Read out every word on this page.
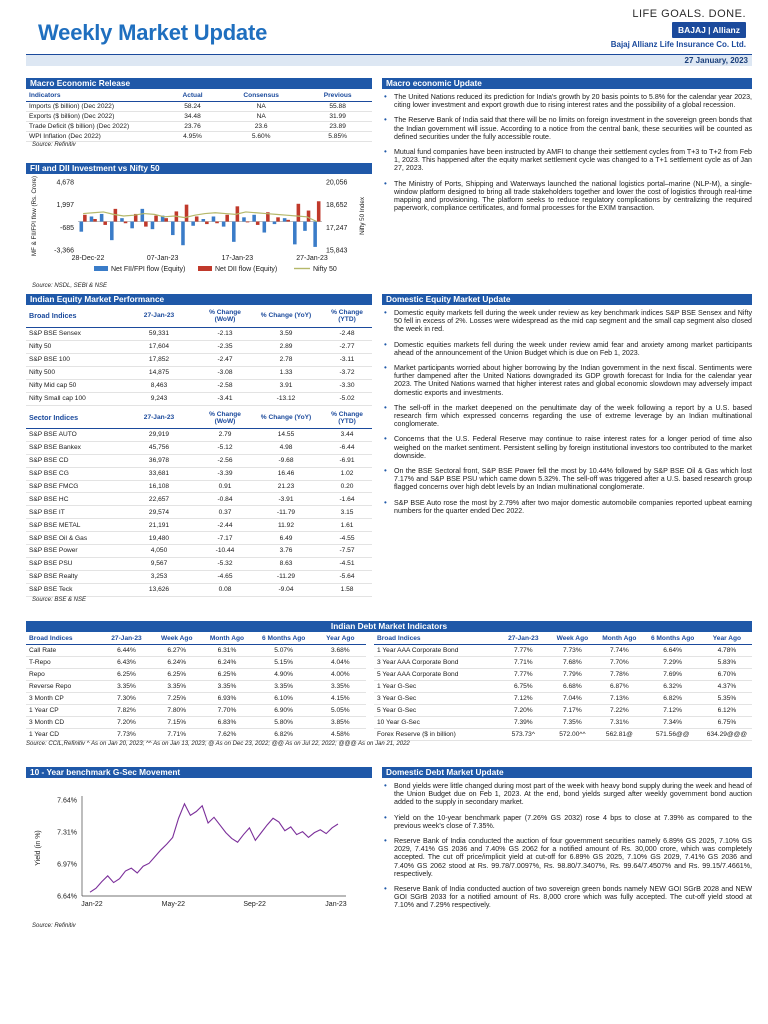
Weekly Market Update
LIFE GOALS. DONE.
BAJAJ | Allianz
Bajaj Allianz Life Insurance Co. Ltd.
27 January, 2023
Macro Economic Release
Indicators	Actual	Consensus	Previous
Imports ($ billion) (Dec 2022)	58.24	NA	55.88
Exports ($ billion) (Dec 2022)	34.48	NA	31.99
Trade Deficit ($ billion) (Dec 2022)	23.76	23.6	23.89
WPI Inflation (Dec 2022)	4.95%	5.60%	5.85%
Source: Refinitiv
FII and DII Investment vs Nifty 50
4,678
1,997
-685
-3,366
20,056
18,652
17,247
15,843
28-Dec-22	07-Jan-23	17-Jan-23	27-Jan-23
MF & FII/FPI flow (Rs. Crore)	Nifty 50 Index
Net FII/FPI flow (Equity)	Net DII flow (Equity)	Nifty 50
Source: NSDL, SEBI & NSE
Macro economic Update
• The United Nations reduced its prediction for India's growth by 20 basis points to 5.8% for the calendar year 2023, citing lower investment and export growth due to rising interest rates and the possibility of a global recession.
• The Reserve Bank of India said that there will be no limits on foreign investment in the sovereign green bonds that the Indian government will issue. According to a notice from the central bank, these securities will be counted as defined securities under the fully accessible route.
• Mutual fund companies have been instructed by AMFI to change their settlement cycles from T+3 to T+2 from Feb 1, 2023. This happened after the equity market settlement cycle was changed to a T+1 settlement cycle as of Jan 27, 2023.
• The Ministry of Ports, Shipping and Waterways launched the national logistics portal–marine (NLP-M), a single-window platform designed to bring all trade stakeholders together and lower the cost of logistics through real-time mapping and provisioning. The platform seeks to reduce regulatory complications by centralizing the required paperwork, compliance certificates, and formal processes for the EXIM transaction.
Indian Equity Market Performance
Broad Indices	27-Jan-23	% Change (WoW)	% Change (YoY)	% Change (YTD)
S&P BSE Sensex	59,331	-2.13	3.59	-2.48
Nifty 50	17,604	-2.35	2.89	-2.77
S&P BSE 100	17,852	-2.47	2.78	-3.11
Nifty 500	14,875	-3.08	1.33	-3.72
Nifty Mid cap 50	8,463	-2.58	3.91	-3.30
Nifty Small cap 100	9,243	-3.41	-13.12	-5.02
Sector Indices	27-Jan-23	% Change (WoW)	% Change (YoY)	% Change (YTD)
S&P BSE AUTO	29,919	2.79	14.55	3.44
S&P BSE Bankex	45,756	-5.12	4.98	-6.44
S&P BSE CD	36,978	-2.56	-9.68	-6.91
S&P BSE CG	33,681	-3.39	16.46	1.02
S&P BSE FMCG	16,108	0.91	21.23	0.20
S&P BSE HC	22,657	-0.84	-3.91	-1.64
S&P BSE IT	29,574	0.37	-11.79	3.15
S&P BSE METAL	21,191	-2.44	11.92	1.61
S&P BSE Oil & Gas	19,480	-7.17	6.49	-4.55
S&P BSE Power	4,050	-10.44	3.76	-7.57
S&P BSE PSU	9,567	-5.32	8.63	-4.51
S&P BSE Realty	3,253	-4.65	-11.29	-5.64
S&P BSE Teck	13,626	0.08	-9.04	1.58
Source: BSE & NSE
Domestic Equity Market Update
• Domestic equity markets fell during the week under review as key benchmark indices S&P BSE Sensex and Nifty 50 fell in excess of 2%. Losses were widespread as the mid cap segment and the small cap segment also closed the week in red.
• Domestic equities markets fell during the week under review amid fear and anxiety among market participants ahead of the announcement of the Union Budget which is due on Feb 1, 2023.
• Market participants worried about higher borrowing by the Indian government in the next fiscal. Sentiments were further dampened after the United Nations downgraded its GDP growth forecast for India for the calendar year 2023. The United Nations warned that higher interest rates and global economic slowdown may adversely impact domestic exports and investments.
• The sell-off in the market deepened on the penultimate day of the week following a report by a U.S. based research firm which expressed concerns regarding the use of extreme leverage by an Indian multinational conglomerate.
• Concerns that the U.S. Federal Reserve may continue to raise interest rates for a longer period of time also weighed on the market sentiment. Persistent selling by foreign institutional investors too contributed to the market downside.
• On the BSE Sectoral front, S&P BSE Power fell the most by 10.44% followed by S&P BSE Oil & Gas which lost 7.17% and S&P BSE PSU which came down 5.32%. The sell-off was triggered after a U.S. based research group flagged concerns over high debt levels by an Indian multinational conglomerate.
• S&P BSE Auto rose the most by 2.79% after two major domestic automobile companies reported upbeat earning numbers for the quarter ended Dec 2022.
Indian Debt Market Indicators
Broad Indices	27-Jan-23	Week Ago	Month Ago	6 Months Ago	Year Ago
Call Rate	6.44%	6.27%	6.31%	5.07%	3.68%
T-Repo	6.43%	6.24%	6.24%	5.15%	4.04%
Repo	6.25%	6.25%	6.25%	4.90%	4.00%
Reverse Repo	3.35%	3.35%	3.35%	3.35%	3.35%
3 Month CP	7.30%	7.25%	6.93%	6.10%	4.15%
1 Year CP	7.82%	7.80%	7.70%	6.90%	5.05%
3 Month CD	7.20%	7.15%	6.83%	5.80%	3.85%
1 Year CD	7.73%	7.71%	7.62%	6.82%	4.58%
Broad Indices	27-Jan-23	Week Ago	Month Ago	6 Months Ago	Year Ago
1 Year AAA Corporate Bond	7.77%	7.73%	7.74%	6.64%	4.78%
3 Year AAA Corporate Bond	7.71%	7.68%	7.70%	7.29%	5.83%
5 Year AAA Corporate Bond	7.77%	7.79%	7.78%	7.69%	6.70%
1 Year G-Sec	6.75%	6.68%	6.87%	6.32%	4.37%
3 Year G-Sec	7.12%	7.04%	7.13%	6.82%	5.35%
5 Year G-Sec	7.20%	7.17%	7.22%	7.12%	6.12%
10 Year G-Sec	7.39%	7.35%	7.31%	7.34%	6.75%
Forex Reserve ($ in billion)	573.73^	572.00^^	562.81@	571.56@@	634.29@@@
Source: CCIL,Refinitiv ^ As on Jan 20, 2023; ^^ As on Jan 13, 2023; @ As on Dec 23, 2022; @@ As on Jul 22, 2022; @@@ As on Jan 21, 2022
10 - Year benchmark G-Sec Movement
7.64%
7.31%
6.97%
6.64%
Jan-22	May-22	Sep-22	Jan-23
Yield (in %)
Source: Refinitiv
Domestic Debt Market Update
• Bond yields were little changed during most part of the week with heavy bond supply during the week and head of the Union Budget due on Feb 1, 2023. At the end, bond yields surged after weekly government bond auction added to the supply in secondary market.
• Yield on the 10-year benchmark paper (7.26% GS 2032) rose 4 bps to close at 7.39% as compared to the previous week's close of 7.35%.
• Reserve Bank of India conducted the auction of four government securities namely 6.89% GS 2025, 7.10% GS 2029, 7.41% GS 2036 and 7.40% GS 2062 for a notified amount of Rs. 30,000 crore, which was completely accepted. The cut off price/implicit yield at cut-off for 6.89% GS 2025, 7.10% GS 2029, 7.41% GS 2036 and 7.40% GS 2062 stood at Rs. 99.78/7.0097%, Rs. 98.80/7.3407%, Rs. 99.64/7.4507% and Rs. 99.15/7.4661%, respectively.
• Reserve Bank of India conducted auction of two sovereign green bonds namely NEW GOI SGrB 2028 and NEW GOI SGrB 2033 for a notified amount of Rs. 8,000 crore which was fully accepted. The cut-off yield stood at 7.10% and 7.29% respectively.
